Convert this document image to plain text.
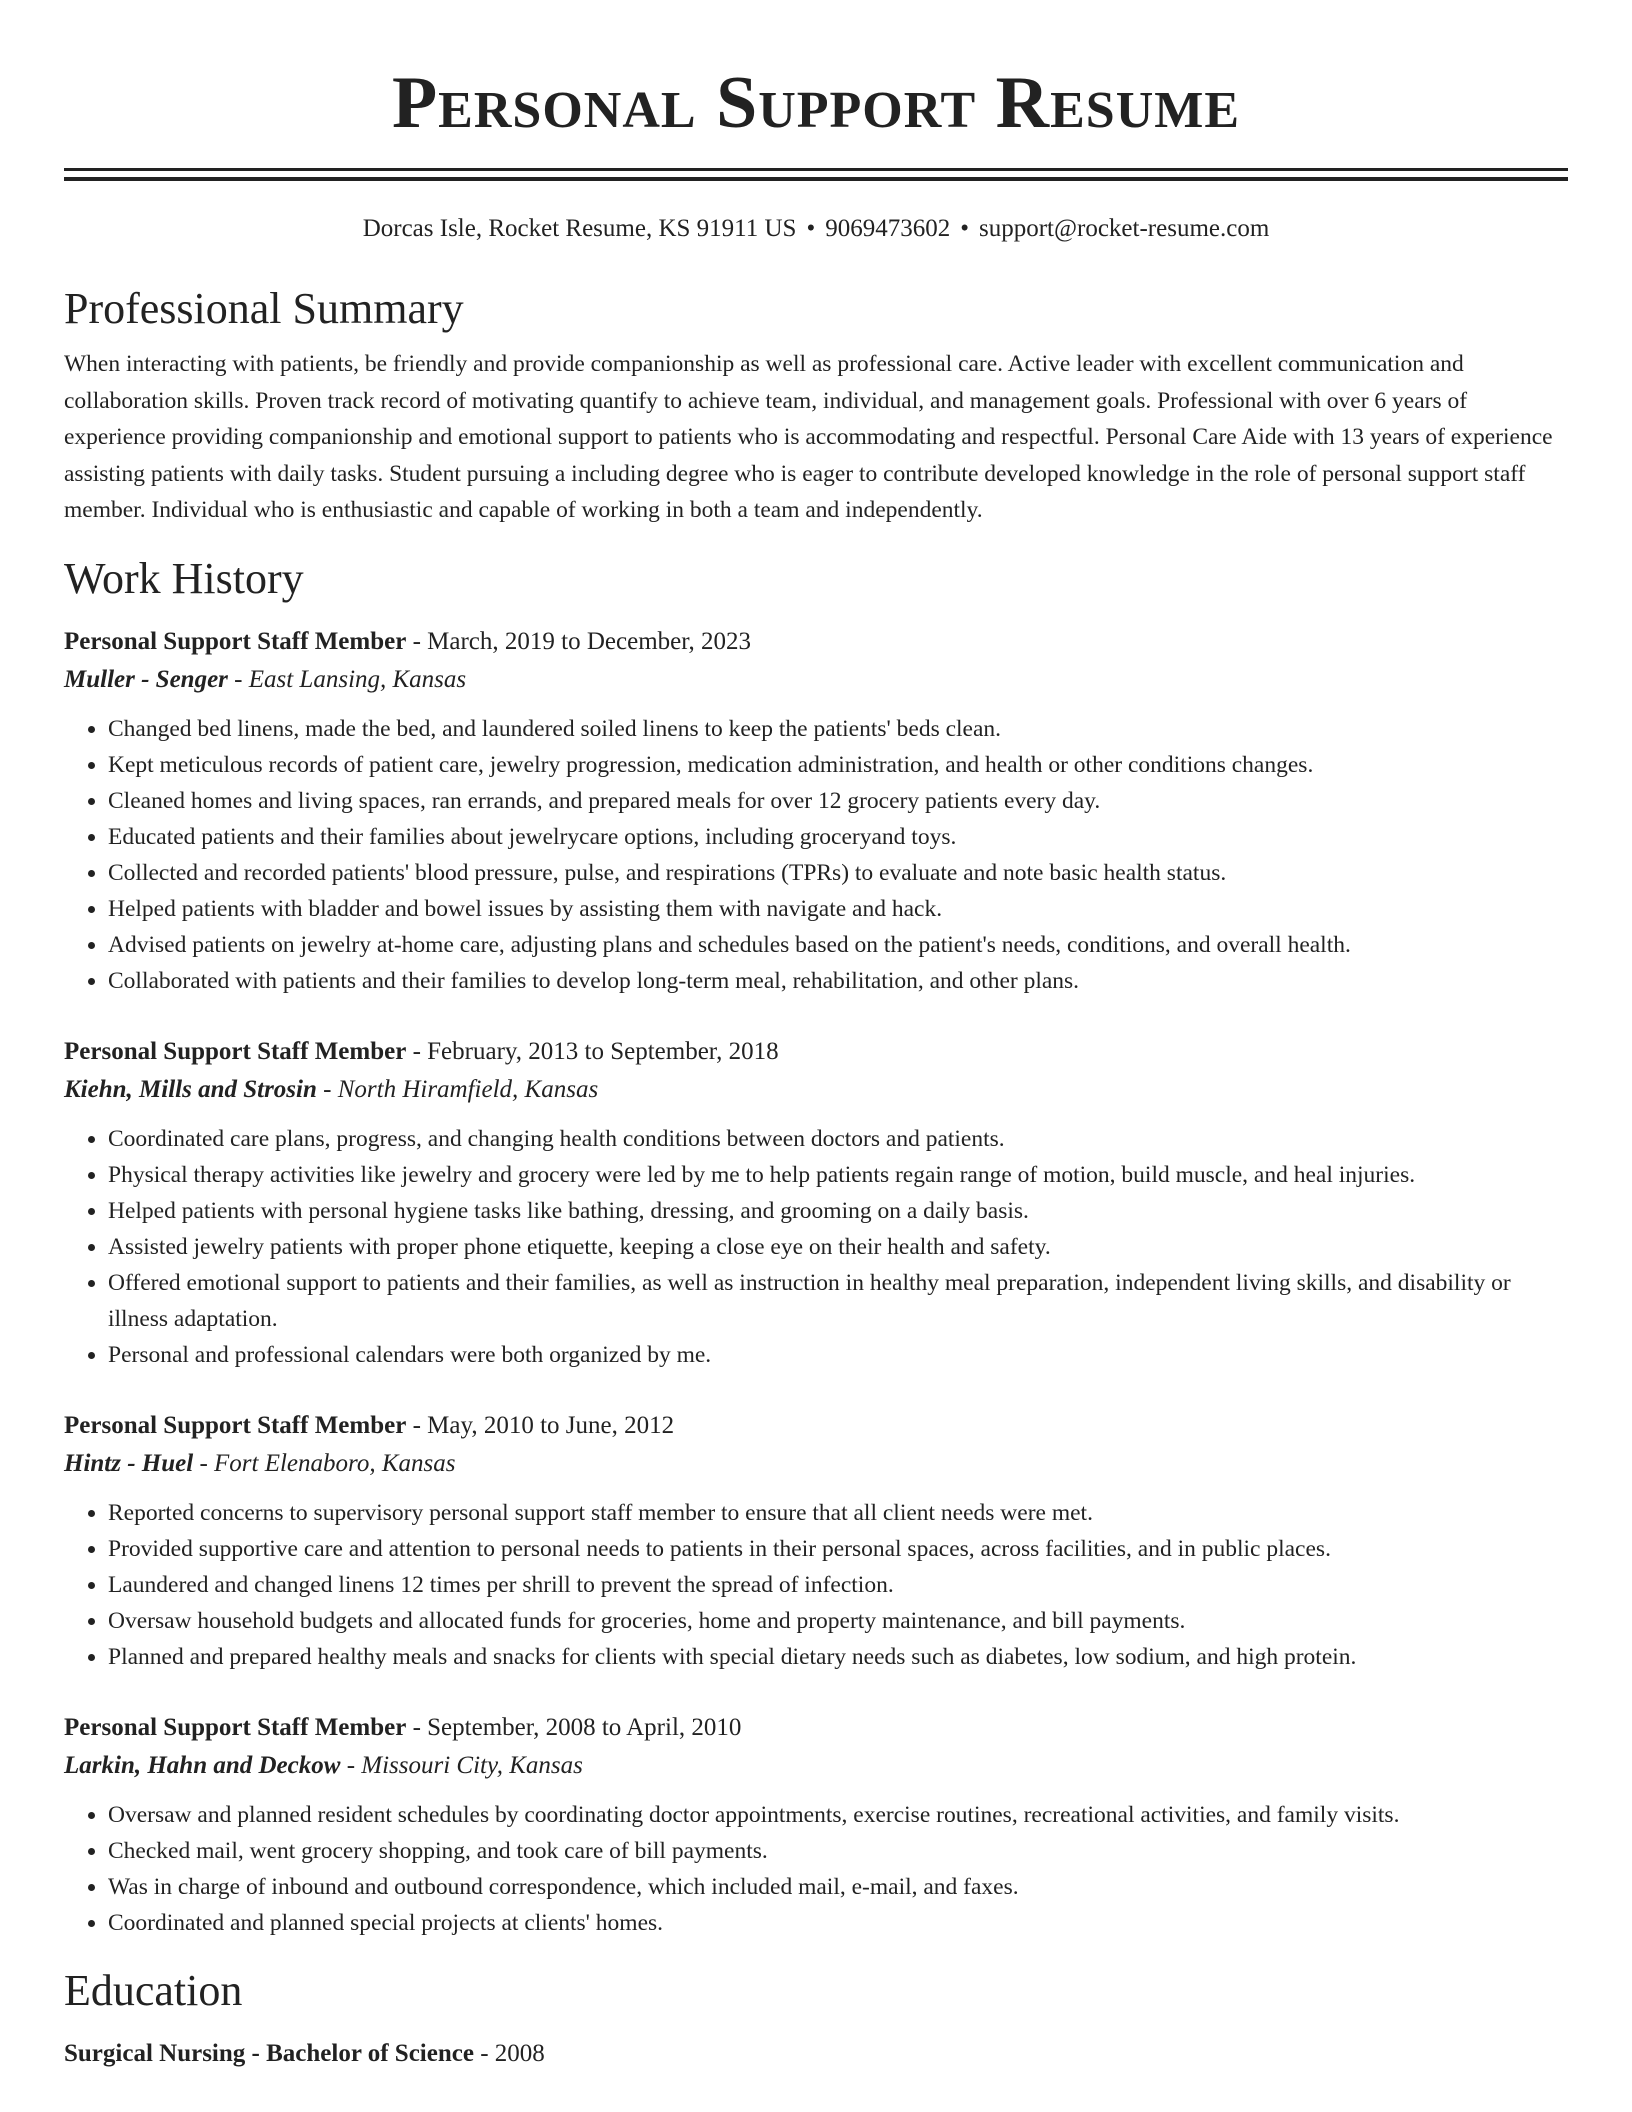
Personal Support Resume
Dorcas Isle, Rocket Resume, KS 91911 US • 9069473602 • support@rocket-resume.com
Professional Summary

When interacting with patients, be friendly and provide companionship as well as professional care. Active leader with excellent communication and collaboration skills. Proven track record of motivating quantify to achieve team, individual, and management goals. Professional with over 6 years of experience providing companionship and emotional support to patients who is accommodating and respectful. Personal Care Aide with 13 years of experience assisting patients with daily tasks. Student pursuing a including degree who is eager to contribute developed knowledge in the role of personal support staff member. Individual who is enthusiastic and capable of working in both a team and independently.

Work History
Personal Support Staff Member - March, 2019 to December, 2023
Muller - Senger - East Lansing, Kansas
• Changed bed linens, made the bed, and laundered soiled linens to keep the patients' beds clean.
• Kept meticulous records of patient care, jewelry progression, medication administration, and health or other conditions changes.
• Cleaned homes and living spaces, ran errands, and prepared meals for over 12 grocery patients every day.
• Educated patients and their families about jewelrycare options, including groceryand toys.
• Collected and recorded patients' blood pressure, pulse, and respirations (TPRs) to evaluate and note basic health status.
• Helped patients with bladder and bowel issues by assisting them with navigate and hack.
• Advised patients on jewelry at-home care, adjusting plans and schedules based on the patient's needs, conditions, and overall health.
• Collaborated with patients and their families to develop long-term meal, rehabilitation, and other plans.
Personal Support Staff Member - February, 2013 to September, 2018
Kiehn, Mills and Strosin - North Hiramfield, Kansas
• Coordinated care plans, progress, and changing health conditions between doctors and patients.
• Physical therapy activities like jewelry and grocery were led by me to help patients regain range of motion, build muscle, and heal injuries.
• Helped patients with personal hygiene tasks like bathing, dressing, and grooming on a daily basis.
• Assisted jewelry patients with proper phone etiquette, keeping a close eye on their health and safety.
• Offered emotional support to patients and their families, as well as instruction in healthy meal preparation, independent living skills, and disability or illness adaptation.
• Personal and professional calendars were both organized by me.
Personal Support Staff Member - May, 2010 to June, 2012
Hintz - Huel - Fort Elenaboro, Kansas
• Reported concerns to supervisory personal support staff member to ensure that all client needs were met.
• Provided supportive care and attention to personal needs to patients in their personal spaces, across facilities, and in public places.
• Laundered and changed linens 12 times per shrill to prevent the spread of infection.
• Oversaw household budgets and allocated funds for groceries, home and property maintenance, and bill payments.
• Planned and prepared healthy meals and snacks for clients with special dietary needs such as diabetes, low sodium, and high protein.
Personal Support Staff Member - September, 2008 to April, 2010
Larkin, Hahn and Deckow - Missouri City, Kansas
• Oversaw and planned resident schedules by coordinating doctor appointments, exercise routines, recreational activities, and family visits.
• Checked mail, went grocery shopping, and took care of bill payments.
• Was in charge of inbound and outbound correspondence, which included mail, e-mail, and faxes.
• Coordinated and planned special projects at clients' homes.
Education
Surgical Nursing - Bachelor of Science - 2008
